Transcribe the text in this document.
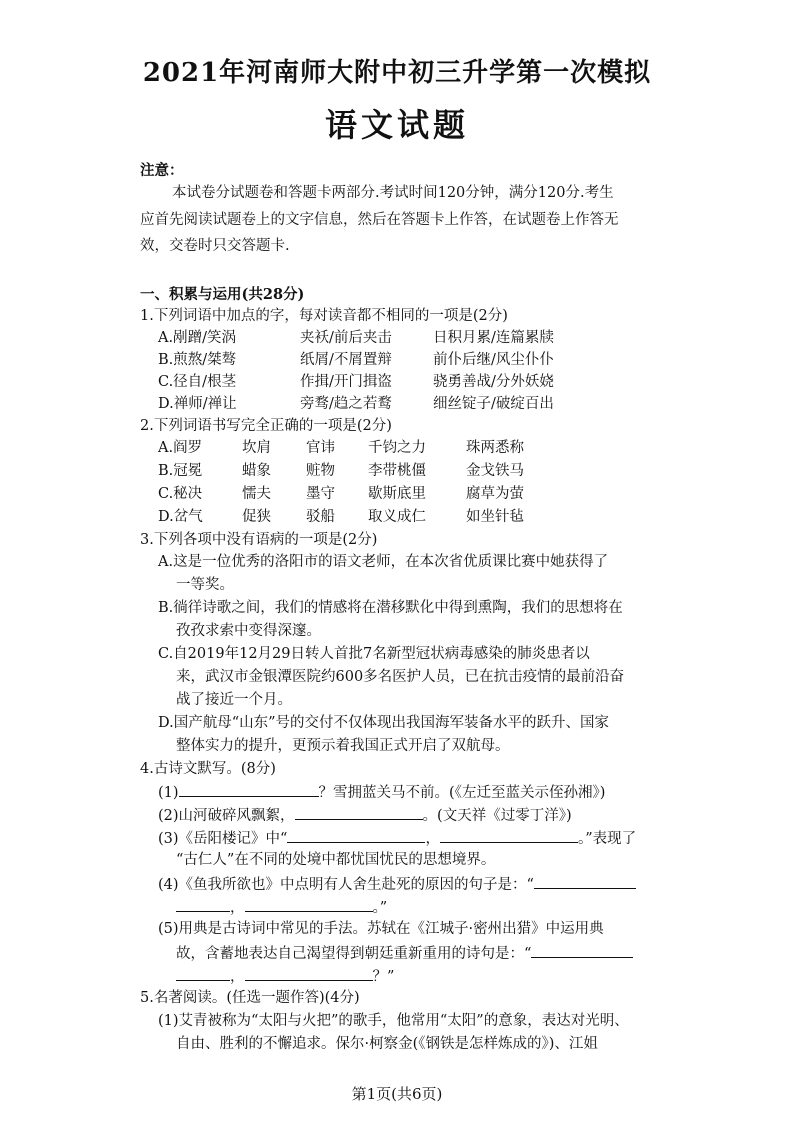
2021年河南师大附中初三升学第一次模拟
语文试题
注意：
本试卷分试题卷和答题卡两部分.考试时间120分钟，满分120分.考生
应首先阅读试题卷上的文字信息，然后在答题卡上作答，在试题卷上作答无
效，交卷时只交答题卡.
一、积累与运用(共28分)
1.下列词语中加点的字，每对读音都不相同的一项是(2分)
A.剐蹭/笑涡	夹袄/前后夹击	日积月累/连篇累牍
B.煎熬/桀骜	纸屑/不屑置辩	前仆后继/风尘仆仆
C.径自/根茎	作揖/开门揖盗	骁勇善战/分外妖娆
D.禅师/禅让	旁骛/趋之若鹜	细丝锭子/破绽百出
2.下列词语书写完全正确的一项是(2分)
A.阎罗	坎肩 官讳 千钧之力	珠两悉称
B.冠冕	蜡象 赃物 李带桃僵	金戈铁马
C.秘决	懦夫 墨守 歇斯底里	腐草为萤
D.岔气	促狭 驳船 取义成仁	如坐针毡
3.下列各项中没有语病的一项是(2分)
A.这是一位优秀的洛阳市的语文老师，在本次省优质课比赛中她获得了
一等奖。
B.徜徉诗歌之间，我们的情感将在潜移默化中得到熏陶，我们的思想将在
孜孜求索中变得深邃。
C.自2019年12月29日转人首批7名新型冠状病毒感染的肺炎患者以
来，武汉市金银潭医院约600多名医护人员，已在抗击疫情的最前沿奋
战了接近一个月。
D.国产航母“山东”号的交付不仅体现出我国海军装备水平的跃升、国家
整体实力的提升，更预示着我国正式开启了双航母。
4.古诗文默写。(8分)
(1)	？雪拥蓝关马不前。(《左迁至蓝关示侄孙湘》)
(2)山河破碎风飘絮，	。(文天祥《过零丁洋》)
(3)《岳阳楼记》中“	，	。”表现了
“古仁人”在不同的处境中都忧国忧民的思想境界。
(4)《鱼我所欲也》中点明有人舍生赴死的原因的句子是：“
，	。”
(5)用典是古诗词中常见的手法。苏轼在《江城子·密州出猎》中运用典
故，含蓄地表达自己渴望得到朝廷重新重用的诗句是：“
，	？”
5.名著阅读。(任选一题作答)(4分)
(1)艾青被称为“太阳与火把”的歌手，他常用“太阳”的意象，表达对光明、
自由、胜利的不懈追求。保尔·柯察金(《钢铁是怎样炼成的》)、江姐
第1页(共6页)
